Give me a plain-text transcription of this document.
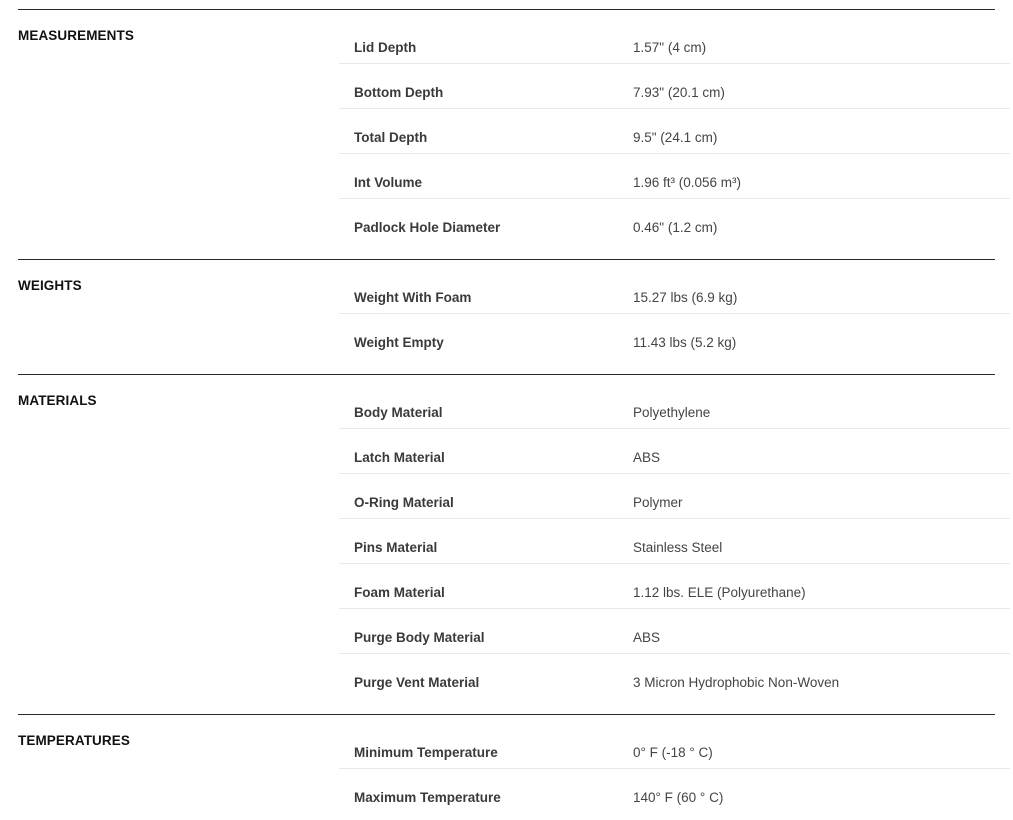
MEASUREMENTS
Lid Depth	1.57" (4 cm)
Bottom Depth	7.93" (20.1 cm)
Total Depth	9.5" (24.1 cm)
Int Volume	1.96 ft³ (0.056 m³)
Padlock Hole Diameter	0.46" (1.2 cm)
WEIGHTS
Weight With Foam	15.27 lbs (6.9 kg)
Weight Empty	11.43 lbs (5.2 kg)
MATERIALS
Body Material	Polyethylene
Latch Material	ABS
O-Ring Material	Polymer
Pins Material	Stainless Steel
Foam Material	1.12 lbs. ELE (Polyurethane)
Purge Body Material	ABS
Purge Vent Material	3 Micron Hydrophobic Non-Woven
TEMPERATURES
Minimum Temperature	0° F (-18 ° C)
Maximum Temperature	140° F (60 ° C)
